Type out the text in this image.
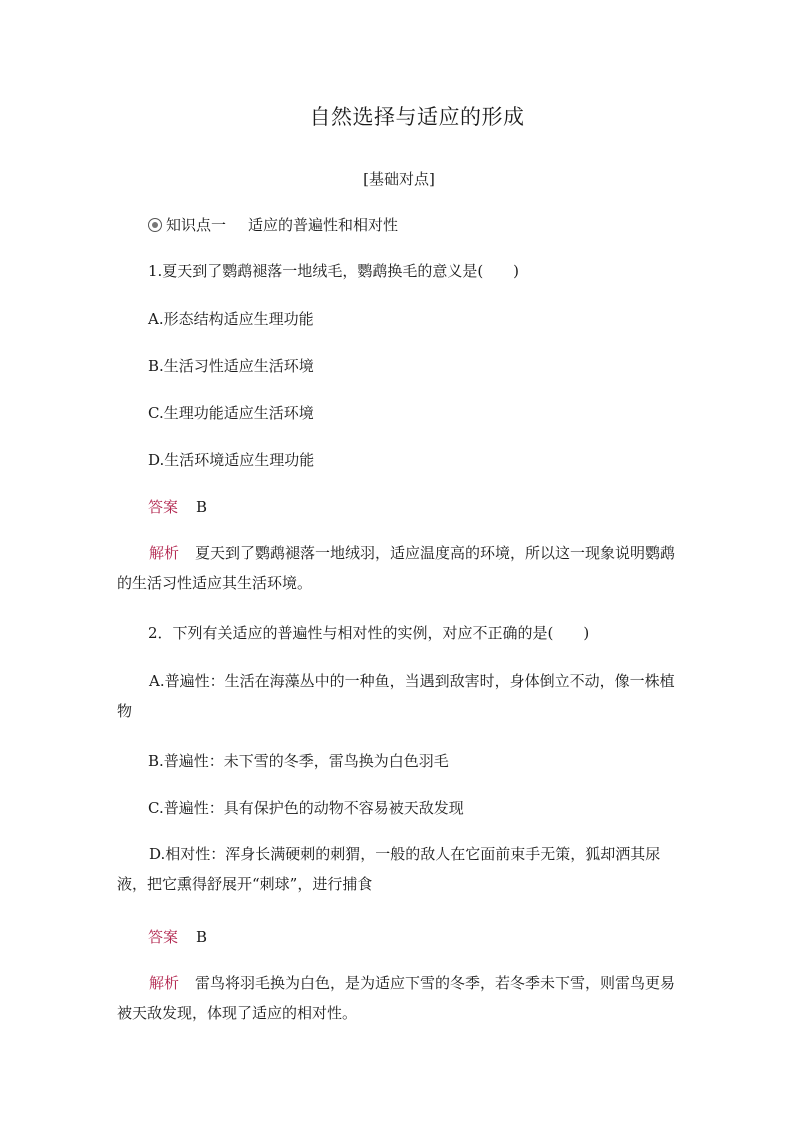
自然选择与适应的形成
[基础对点]
知识点一 适应的普遍性和相对性
1.夏天到了鹦鹉褪落一地绒毛，鹦鹉换毛的意义是(　　)
A.形态结构适应生理功能
B.生活习性适应生活环境
C.生理功能适应生活环境
D.生活环境适应生理功能
答案 B
解析 夏天到了鹦鹉褪落一地绒羽，适应温度高的环境，所以这一现象说明鹦鹉的生活习性适应其生活环境。
2．下列有关适应的普遍性与相对性的实例，对应不正确的是(　　)
A.普遍性：生活在海藻丛中的一种鱼，当遇到敌害时，身体倒立不动，像一株植物
B.普遍性：未下雪的冬季，雷鸟换为白色羽毛
C.普遍性：具有保护色的动物不容易被天敌发现
D.相对性：浑身长满硬刺的刺猬，一般的敌人在它面前束手无策，狐却洒其尿液，把它熏得舒展开“刺球”，进行捕食
答案 B
解析 雷鸟将羽毛换为白色，是为适应下雪的冬季，若冬季未下雪，则雷鸟更易被天敌发现，体现了适应的相对性。
